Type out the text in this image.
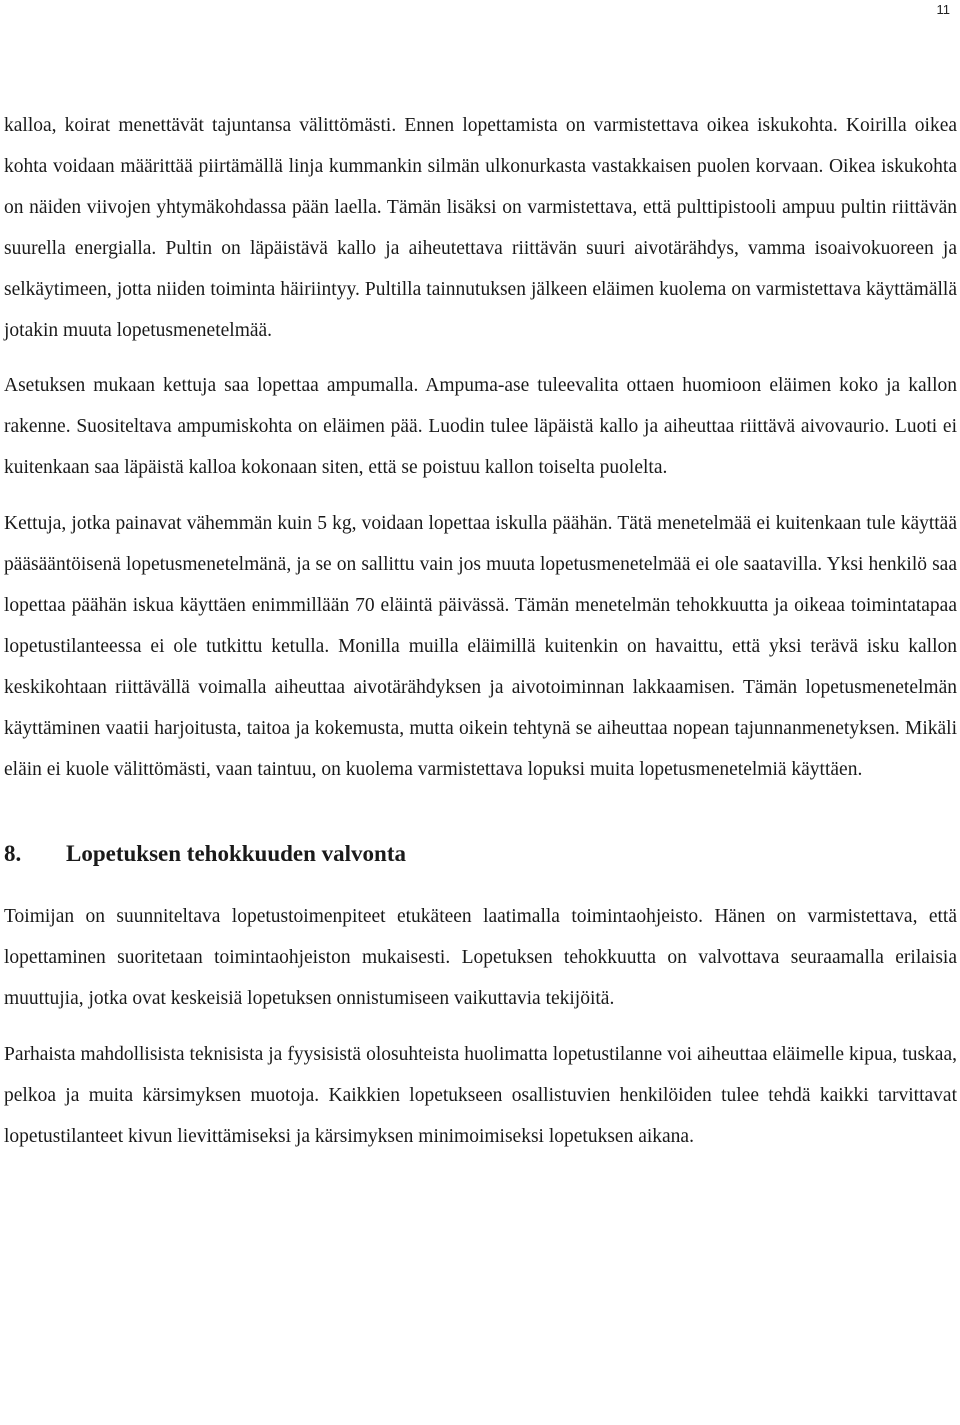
11

kalloa, koirat menettävät tajuntansa välittömästi. Ennen lopettamista on varmistettava oikea iskukohta. Koirilla oikea kohta voidaan määrittää piirtämällä linja kummankin silmän ulkonurkasta vastakkaisen puolen korvaan. Oikea iskukohta on näiden viivojen yhtymäkohdassa pään laella. Tämän lisäksi on varmistettava, että pulttipistooli ampuu pultin riittävän suurella energialla. Pultin on läpäistävä kallo ja aiheutettava riittävän suuri aivotärähdys, vamma isoaivokuoreen ja selkäytimeen, jotta niiden toiminta häiriintyy. Pultilla tainnutuksen jälkeen eläimen kuolema on varmistettava käyttämällä jotakin muuta lopetusmenetelmää.

Asetuksen mukaan kettuja saa lopettaa ampumalla. Ampuma-ase tuleevalita ottaen huomioon eläimen koko ja kallon rakenne. Suositeltava ampumiskohta on eläimen pää. Luodin tulee läpäistä kallo ja aiheuttaa riittävä aivovaurio. Luoti ei kuitenkaan saa läpäistä kalloa kokonaan siten, että se poistuu kallon toiselta puolelta.

Kettuja, jotka painavat vähemmän kuin 5 kg, voidaan lopettaa iskulla päähän. Tätä menetelmää ei kuitenkaan tule käyttää pääsääntöisenä lopetusmenetelmänä, ja se on sallittu vain jos muuta lopetusmenetelmää ei ole saatavilla. Yksi henkilö saa lopettaa päähän iskua käyttäen enimmillään 70 eläintä päivässä. Tämän menetelmän tehokkuutta ja oikeaa toimintatapaa lopetustilanteessa ei ole tutkittu ketulla. Monilla muilla eläimillä kuitenkin on havaittu, että yksi terävä isku kallon keskikohtaan riittävällä voimalla aiheuttaa aivotärähdyksen ja aivotoiminnan lakkaamisen. Tämän lopetusmenetelmän käyttäminen vaatii harjoitusta, taitoa ja kokemusta, mutta oikein tehtynä se aiheuttaa nopean tajunnanmenetyksen. Mikäli eläin ei kuole välittömästi, vaan taintuu, on kuolema varmistettava lopuksi muita lopetusmenetelmiä käyttäen.

8. Lopetuksen tehokkuuden valvonta

Toimijan on suunniteltava lopetustoimenpiteet etukäteen laatimalla toimintaohjeisto. Hänen on varmistettava, että lopettaminen suoritetaan toimintaohjeiston mukaisesti. Lopetuksen tehokkuutta on valvottava seuraamalla erilaisia muuttujia, jotka ovat keskeisiä lopetuksen onnistumiseen vaikuttavia tekijöitä.

Parhaista mahdollisista teknisista ja fyysisistä olosuhteista huolimatta lopetustilanne voi aiheuttaa eläimelle kipua, tuskaa, pelkoa ja muita kärsimyksen muotoja. Kaikkien lopetukseen osallistuvien henkilöiden tulee tehdä kaikki tarvittavat lopetustilanteet kivun lievittämiseksi ja kärsimyksen minimoimiseksi lopetuksen aikana.
